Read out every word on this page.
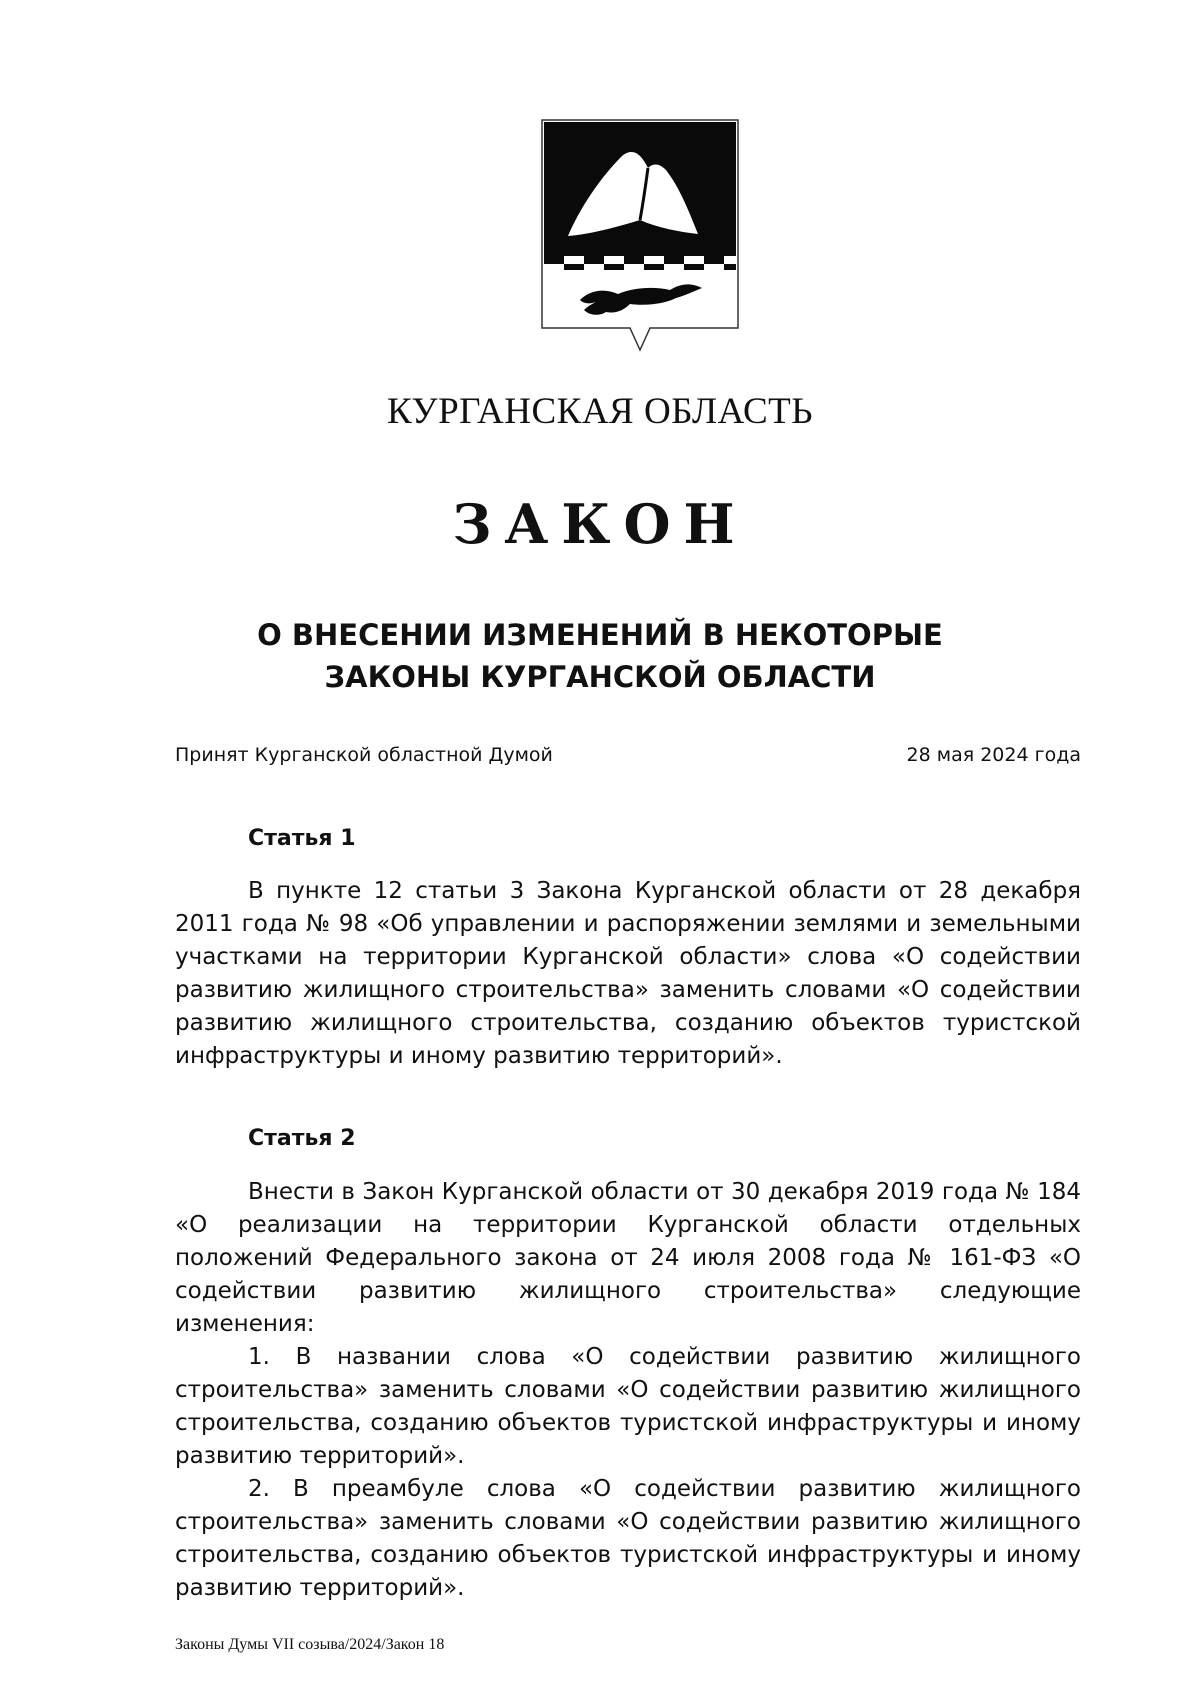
КУРГАНСКАЯ ОБЛАСТЬ
ЗАКОН
О ВНЕСЕНИИ ИЗМЕНЕНИЙ В НЕКОТОРЫЕ
ЗАКОНЫ КУРГАНСКОЙ ОБЛАСТИ
Принят Курганской областной Думой	28 мая 2024 года
Статья 1

В пункте 12 статьи 3 Закона Курганской области от 28 декабря 2011 года № 98 «Об управлении и распоряжении землями и земельными участками на территории Курганской области» слова «О содействии развитию жилищного строительства» заменить словами «О содействии развитию жилищного строительства, созданию объектов туристской инфраструктуры и иному развитию территорий».

Статья 2

Внести в Закон Курганской области от 30 декабря 2019 года № 184 «О реализации на территории Курганской области отдельных положений Федерального закона от 24 июля 2008 года № 161-ФЗ «О содействии развитию жилищного строительства» следующие изменения:

1. В названии слова «О содействии развитию жилищного строительства» заменить словами «О содействии развитию жилищного строительства, созданию объектов туристской инфраструктуры и иному развитию территорий».

2. В преамбуле слова «О содействии развитию жилищного строительства» заменить словами «О содействии развитию жилищного строительства, созданию объектов туристской инфраструктуры и иному развитию территорий».

Законы Думы VII созыва/2024/Закон 18
